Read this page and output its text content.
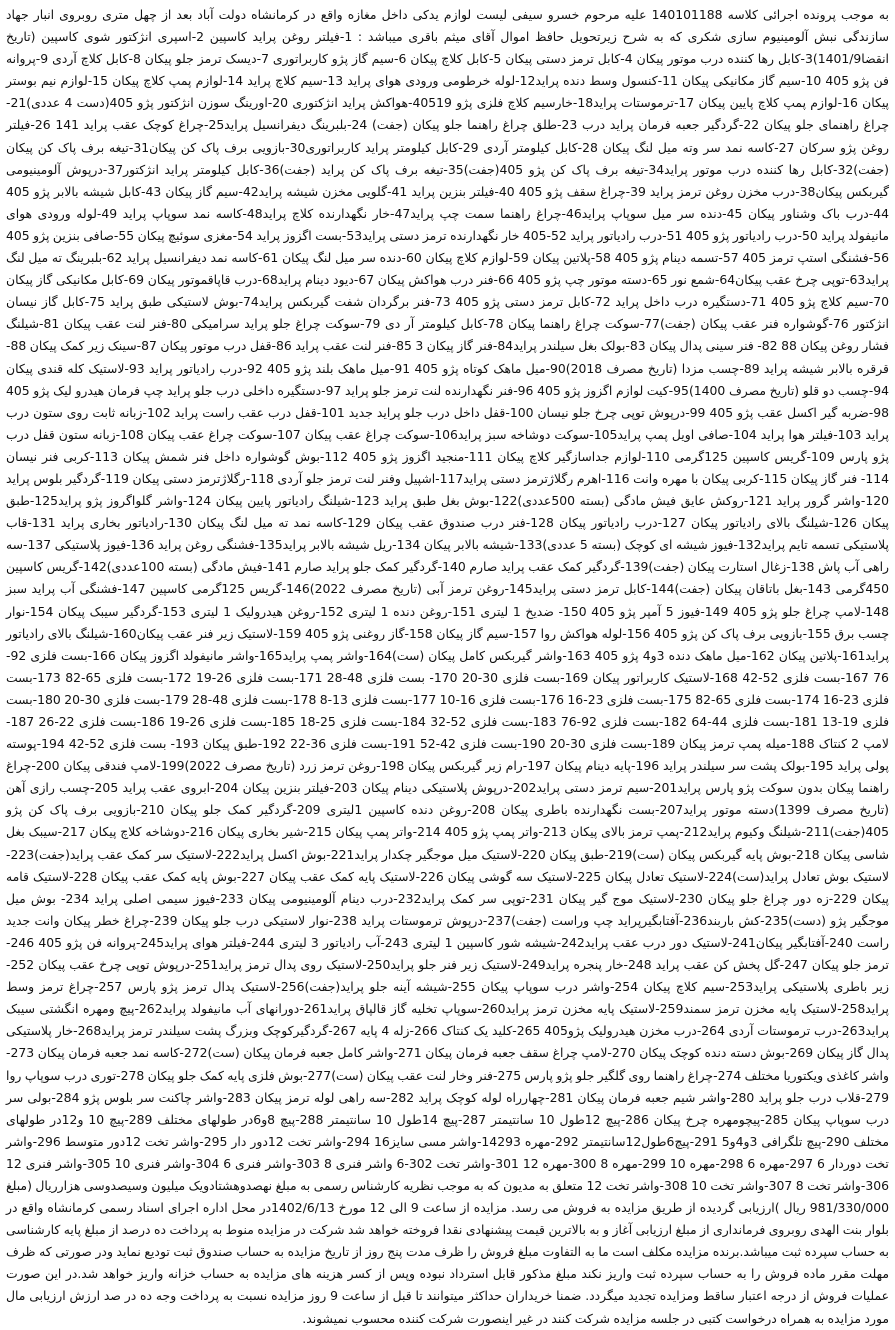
به موجب پرونده اجرائی کلاسه 140101188 علیه مرحوم خسرو سیفی لیست لوازم یدکی داخل مغازه واقع در کرمانشاه دولت آباد بعد از چهل متری روبروی انبار جهاد سازندگی نبش آلومینیوم سازی شکری که به شرح زیرتحویل حافظ اموال آقای میثم باقری میباشد : 1-فیلتر روغن پراید کاسپین 2-اسپری انژکتور شوی کاسپین (تاریخ انقضا1401/9)3-کابل رها کننده درب موتور پیکان 4-کابل ترمز دستی پیکان 5-کابل کلاچ پیکان 6-سیم گاز پژو کاربراتوری 7-دیسک ترمز جلو پیکان 8-کابل کلاچ آردی 9-پروانه فن پژو 405 10-سیم گاز مکانیکی پیکان 11-کنسول وسط دنده پراید12-لوله خرطومی ورودی هوای پراید 13-سیم کلاچ پراید 14-لوازم پمپ کلاچ پیکان 15-لوازم نیم بوستر پیکان 16-لوازم پمپ کلاچ پایین پیکان 17-ترموستات پراید18-خارسیم کلاچ فلزی پژو 40519-هواکش پراید انژکتوری 20-اورینگ سوزن انژکتور پژو 405(دست 4 عددی)21-چراغ راهنمای جلو پیکان 22-گردگیر جعبه فرمان پراید درب 23-طلق چراغ راهنما جلو پیکان (جفت) 24-بلبرینگ دیفرانسیل پراید25-چراغ کوچک عقب پراید 141 26-فیلتر روغن پژو سرکان 27-کاسه نمد سر وته میل لنگ پیکان 28-کابل کیلومتر آردی 29-کابل کیلومتر پراید کاربراتوری30-بازویی برف پاک کن پیکان31-تیغه برف پاک کن پیکان (جفت)32-کابل رها کننده درب موتور پراید34-تیغه برف پاک کن پژو 405(جفت)35-تیغه برف پاک کن پراید (جفت)36-کابل کیلومتر پراید انژکتور37-درپوش آلومینیومی گیربکس پیکان38-درب مخزن روغن ترمز پراید 39-چراغ سقف پژو 405 40-فیلتر بنزین پراید 41-گلویی مخزن شیشه پراید42-سیم گاز پیکان 43-کابل شیشه بالابر پژو 405 44-درب باک وشناور پیکان 45-دنده سر میل سوپاپ پراید46-چراغ راهنما سمت چپ پراید47-خار نگهدارنده کلاچ پراید48-کاسه نمد سوپاپ پراید 49-لوله ورودی هوای مانیفولد پراید 50-درب رادیاتور پژو 405 51-درب رادیاتور پراید 52-405 خار نگهدارنده ترمز دستی پراید53-بست اگزوز پراید 54-مغزی سوئیچ پیکان 55-صافی بنزین پژو 405 56-فشنگی استپ ترمز 405 57-تسمه دینام پژو 405 58-پلاتین پیکان 59-لوازم کلاچ پیکان 60-دنده سر میل لنگ پیکان 61-کاسه نمد دیفرانسیل پراید 62-بلبرینگ ته میل لنگ پراید63-توپی چرخ عقب پیکان64-شمع نور 65-دسته موتور چپ پژو 405 66-فنر درب هواکش پیکان 67-دیود دینام پراید68-درب قاپاقموتور پیکان 69-کابل مکانیکی گاز پیکان 70-سیم کلاچ پژو 405 71-دستگیره درب داخل پراید 72-کابل ترمز دستی پژو 405 73-فنر برگردان شفت گیربکس پراید74-بوش لاستیکی طبق پراید 75-کابل گاز نیسان انژکتور 76-گوشواره فنر عقب پیکان (جفت)77-سوکت چراغ راهنما پیکان 78-کابل کیلومتر آر دی 79-سوکت چراغ جلو پراید سرامیکی 80-فنر لنت عقب پیکان 81-شیلنگ فشار روغن پیکان 88 82- فنر سینی پدال پیکان 83-بولک بغل سیلندر پراید84-فنر گاز پیکان 3 85-فنر لنت عقب پراید 86-قفل درب موتور پیکان 87-سینک زیر کمک پیکان 88-قرقره بالابر شیشه پراید 89-چسب مزدا (تاریخ مصرف 2018)90-میل ماهک کوتاه پژو 405 91-میل ماهک بلند پژو 405 92-درب رادیاتور پراید 93-لاستیک کله قندی پیکان 94-چسب دو قلو (تاریخ مصرف 1400)95-کیت لوازم اگزوز پژو 405 96-فنر نگهدارنده لنت ترمز جلو پراید 97-دستگیره داخلی درب جلو پراید چپ فرمان هیدرو لیک پژو 405 98-ضربه گیر اکسل عقب پژو 405 99-درپوش توپی چرخ جلو نیسان 100-قفل داخل درب جلو پراید جدید 101-قفل درب عقب راست پراید 102-زبانه ثابت روی ستون درب پراید 103-فیلتر هوا پراید 104-صافی اویل پمپ پراید105-سوکت دوشاخه سبز پراید106-سوکت چراغ عقب پیکان 107-سوکت چراغ عقب پیکان 108-زبانه ستون قفل درب پژو پارس 109-گریس کاسپین 125گرمی 110-لوازم جداسازگیر کلاچ پیکان 111-منجید اگزوز پژو 405 112-بوش گوشواره داخل فنر شمش پیکان 113-کربی فنر نیسان 114- فنر گاز پیکان 115-کربی پیکان با مهره وانت 116-اهرم رگلاژترمز دستی پراید117-اشپیل وفنر لنت ترمز جلو آردی 118-رگلاژترمز دستی پیکان 119-گردگیر بلوس پراید 120-واشر گرور پراید 121-روکش عایق فیش مادگی (بسته 500عددی)122-بوش بغل طبق پراید 123-شیلنگ رادیاتور پایین پیکان 124-واشر گلواگروز پژو پراید125-طبق پیکان 126-شیلنگ بالای رادیاتور پیکان 127-درب رادیاتور پیکان 128-فنر درب صندوق عقب پیکان 129-کاسه نمد ته میل لنگ پیکان 130-رادیاتور بخاری پراید 131-قاب پلاستیکی تسمه تایم پراید132-فیوز شیشه ای کوچک (بسته 5 عددی)133-شیشه بالابر پیکان 134-ریل شیشه بالابر پراید135-فشنگی روغن پراید 136-فیوز پلاستیکی 137-سه راهی آب پاش 138-زغال استارت پیکان (جفت)139-گردگیر کمک عقب پراید صارم 140-گردگیر کمک جلو پراید صارم 141-فیش مادگی (بسته 100عددی)142-گریس کاسپین 450گرمی 143-بغل باتاقان پیکان (جفت)144-کابل ترمز دستی پراید145-روغن ترمز آبی (تاریخ مصرف 2022)146-گریس 125گرمی کاسپین 147-فشنگی آب پراید سبز 148-لامپ چراغ جلو پژو 405 149-فیوز 5 آمپر پژو 405 150- ضدیخ 1 لیتری 151-روغن دنده 1 لیتری 152-روغن هیدرولیک 1 لیتری 153-گردگیر سیبک پیکان 154-نوار چسب برق 155-بازویی برف پاک کن پژو 405 156-لوله هواکش روا 157-سیم گاز پیکان 158-گاز روغنی پژو 405 159-لاستیک زیر فنر عقب پیکان160-شیلنگ بالای رادیاتور پراید161-پلاتین پیکان 162-میل ماهک دنده 3و4 پژو 405 163-واشر گیربکس کامل پیکان (ست)164-واشر پمپ پراید165-واشر مانیفولد اگزوز پیکان 166-بست فلزی 92-76 167-بست فلزی 52-42 168-لاستیک کاربراتور پیکان 169-بست فلزی 30-20 170- بست فلزی 48-28 171-بست فلزی 26-19 172-بست فلزی 65-82 173-بست فلزی 23-16 174-بست فلزی 65-82 175-بست فلزی 23-16 176-بست فلزی 16-10 177-بست فلزی 13-8 178-بست فلزی 48-28 179-بست فلزی 30-20 180-بست فلزی 19-13 181-بست فلزی 44-64 182-بست فلزی 92-76 183-بست فلزی 52-32 184-بست فلزی 25-18 185-بست فلزی 26-19 186-بست فلزی 22-26 187-لامپ 2 کنتاک 188-میله پمپ ترمز پیکان 189-بست فلزی 30-20 190-بست فلزی 42-52 191-بست فلزی 36-22 192-طبق پیکان 193- بست فلزی 52-42 194-پوسته پولی پراید 195-بولک پشت سر سیلندر پراید 196-پایه دینام پیکان 197-رام زیر گیربکس پیکان 198-روغن ترمز زرد (تاریخ مصرف 2022)199-لامپ فندقی پیکان 200-چراغ راهنما پیکان بدون سوکت پژو پارس پراید201-سیم ترمز دستی پراید202-درپوش پلاستیکی دینام پیکان 203-فیلتر بنزین پیکان 204-ابروی عقب پراید 205-چسب رازی آهن (تاریخ مصرف 1399)دسته موتور پراید207-بست نگهدارنده باطری پیکان 208-روغن دنده کاسپین 1لیتری 209-گردگیر کمک جلو پیکان 210-بازویی برف پاک کن پژو 405(جفت)211-شیلنگ وکیوم پراید212-پمپ ترمز بالای پیکان 213-واتر پمپ پژو 405 214-واتر پمپ پیکان 215-شیر بخاری پیکان 216-دوشاخه کلاچ پیکان 217-سیبک بغل شاسی پیکان 218-بوش پایه گیربکس پیکان (ست)219-طبق پیکان 220-لاستیک میل موجگیر چکدار پراید221-بوش اکسل پراید222-لاستیک سر کمک عقب پراید(جفت)223-لاستیک بوش تعادل پراید(ست)224-لاستیک تعادل پیکان 225-لاستیک سه گوشی پیکان 226-لاستیک پایه کمک عقب پیکان 227-بوش پایه کمک عقب پیکان 228-لاستیک قامه پیکان 229-زه دور چراغ جلو پیکان 230-لاستیک موج گیر پیکان 231-توپی سر کمک پراید232-درب دینام آلومینیومی پیکان 233-فیوز سیمی اصلی پراید 234- بوش میل موجگیر پژو (دست)235-کش باربند236-آفتابگیرپراید چپ وراست (جفت)237-درپوش ترموستات پراید 238-نوار لاستیکی درب جلو پیکان 239-چراغ خطر پیکان وانت جدید راست 240-آفتابگیر پیکان241-لاستیک دور درب عقب پراید242-شیشه شور کاسپین 1 لیتری 243-آب رادیاتور 3 لیتری 244-فیلتر هوای پراید245-پروانه فن پژو 405 246-ترمز جلو پیکان 247-گل پخش کن عقب پراید 248-خار پنجره پراید249-لاستیک زیر فنر جلو پراید250-لاستیک روی پدال ترمز پراید251-درپوش توپی چرخ عقب پیکان 252-زیر باطری پلاستیکی پراید253-سیم کلاچ پیکان 254-واشر درب سوپاپ پیکان 255-شیشه آینه جلو پراید(جفت)256-لاستیک پدال ترمز پژو پارس 257-چراغ ترمز وسط پراید258-لاستیک پایه مخزن ترمز سمند259-لاستیک پایه مخزن ترمز پراید260-سوپاپ تخلیه گاز قالپاق پراید261-دورانهای آب مانیفولد پراید262-پیچ ومهره انگشتی سیبک پراید263-درب ترموستات آردی 264-درب مخزن هیدرولیک پژو405 265-کلید یک کنتاک 266-زله 4 پایه 267-گردگیرکوچک وبزرگ پشت سیلندر ترمز پراید268-خار پلاستیکی پدال گاز پیکان 269-بوش دسته دنده کوچک پیکان 270-لامپ چراغ سقف جعبه فرمان پیکان 271-واشر کامل جعبه فرمان پیکان (ست)272-کاسه نمد جعبه فرمان پیکان 273-واشر کاغذی ویکتوریا مختلف 274-چراغ راهنما روی گلگیر جلو پژو پارس 275-فنر وخار لنت عقب پیکان (ست)277-بوش فلزی پایه کمک جلو پیکان 278-توری درب سوپاپ روا 279-قلاب درب جلو پراید 280-واشر شیم جعبه فرمان پیکان 281-چهارراه لوله کوچک پراید 282-سه راهی لوله ترمز پیکان 283-واشر چاکنت سر بلوس پژو 284-بولی سر درب سوپاپ پیکان 285-پیچومهره چرخ پیکان 286-پیچ 12طول 10 سانتیمتر 287-پیچ 14طول 10 سانتیمتر 288-پیچ 8و6در طولهای مختلف 289-پیچ 10 و12در طولهای مختلف 290-پیچ تلگرافی 3و4و5 291-پیچ6طول12سانتیمتر 292-مهره 14293-واشر مسی سایز16 294-واشر تخت 12دور دار 295-واشر تخت 12دور متوسط 296-واشر تخت دوردار 6 297-مهره 6 298-مهره 10 299-مهره 8 300-مهره 12 301-واشر تخت 302-6 واشر فنری 8 303-واشر فنری 6 304-واشر فنری 10 305-واشر فنری 12 306-واشر تخت 8 307-واشر تخت 10 308-واشر تخت 12 متعلق به مدیون که به موجب نظریه کارشناس رسمی به مبلغ نهصدوهشتادویک میلیون وسیصدوسی هزارریال (مبلغ 981/330/000 ریال )ارزیابی گردیده از طریق مزایده به فروش می رسد. مزایده از ساعت 9 الی 12 مورخ 1402/6/13در محل اداره اجرای اسناد رسمی کرمانشاه واقع در بلوار بنت الهدی روبروی فرمانداری از مبلغ ارزیابی آغاز و به بالاترین قیمت پیشنهادی نقدا فروخته خواهد شد شرکت در مزایده منوط به پرداخت ده درصد از مبلغ پایه کارشناسی به حساب سپرده ثبت میباشد.برنده مزایده مکلف است ما به التفاوت مبلغ فروش را ظرف مدت پنج روز از تاریخ مزایده به حساب صندوق ثبت تودیع نماید ودر صورتی که ظرف مهلت مقرر ماده فروش را به حساب سپرده ثبت واریز نکند مبلغ مذکور قابل استرداد نبوده وپس از کسر هزینه های مزایده به حساب خزانه واریز خواهد شد.در این صورت عملیات فروش از درجه اعتبار ساقط ومزایده تجدید میگردد. ضمنا خریداران حداکثر میتوانند تا قبل از ساعت 9 روز مزایده نسبت به پرداخت وجه ده در صد ارزش ارزیابی مال مورد مزایده به همراه درخواست کتبی در جلسه مزایده شرکت کنند در غیر اینصورت شرکت کننده محسوب نمیشوند.
